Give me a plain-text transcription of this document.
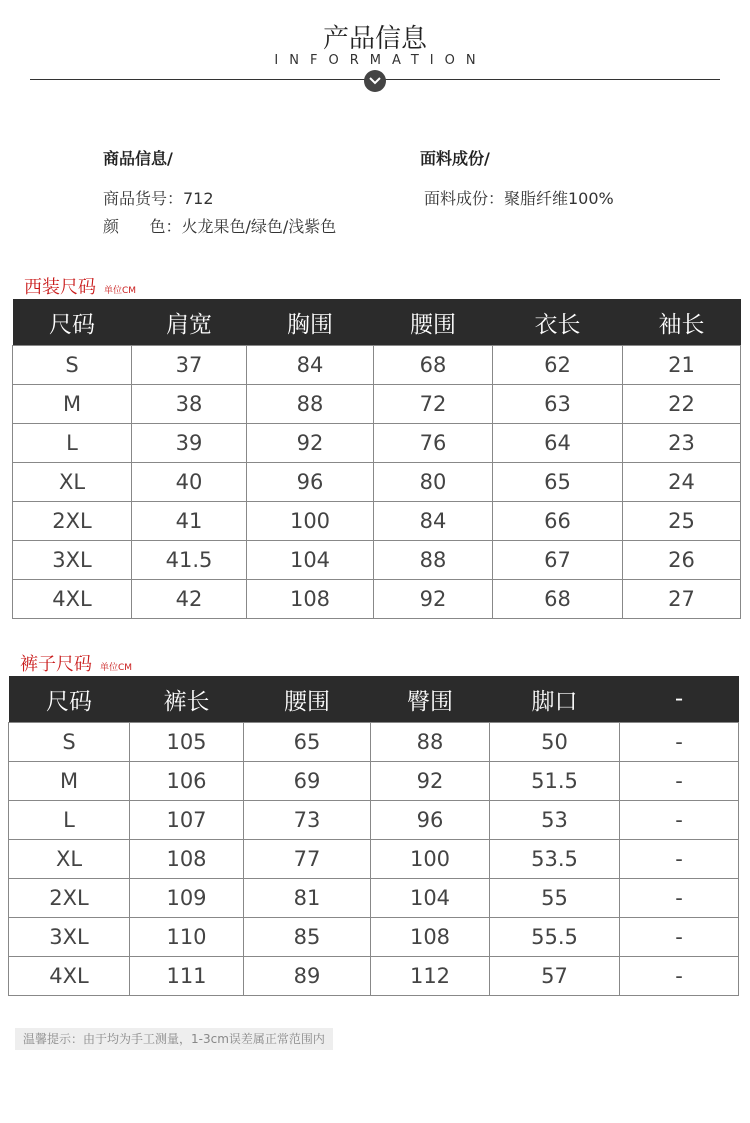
产品信息
INFORMATION
商品信息/	面料成份/
商品货号：712
颜      色：火龙果色/绿色/浅紫色
面料成份：聚脂纤维100%
西装尺码 单位CM
尺码	肩宽	胸围	腰围	衣长	袖长
S	37	84	68	62	21
M	38	88	72	63	22
L	39	92	76	64	23
XL	40	96	80	65	24
2XL	41	100	84	66	25
3XL	41.5	104	88	67	26
4XL	42	108	92	68	27
裤子尺码 单位CM
尺码	裤长	腰围	臀围	脚口	-
S	105	65	88	50	-
M	106	69	92	51.5	-
L	107	73	96	53	-
XL	108	77	100	53.5	-
2XL	109	81	104	55	-
3XL	110	85	108	55.5	-
4XL	111	89	112	57	-
温馨提示：由于均为手工测量，1-3cm误差属正常范围内
